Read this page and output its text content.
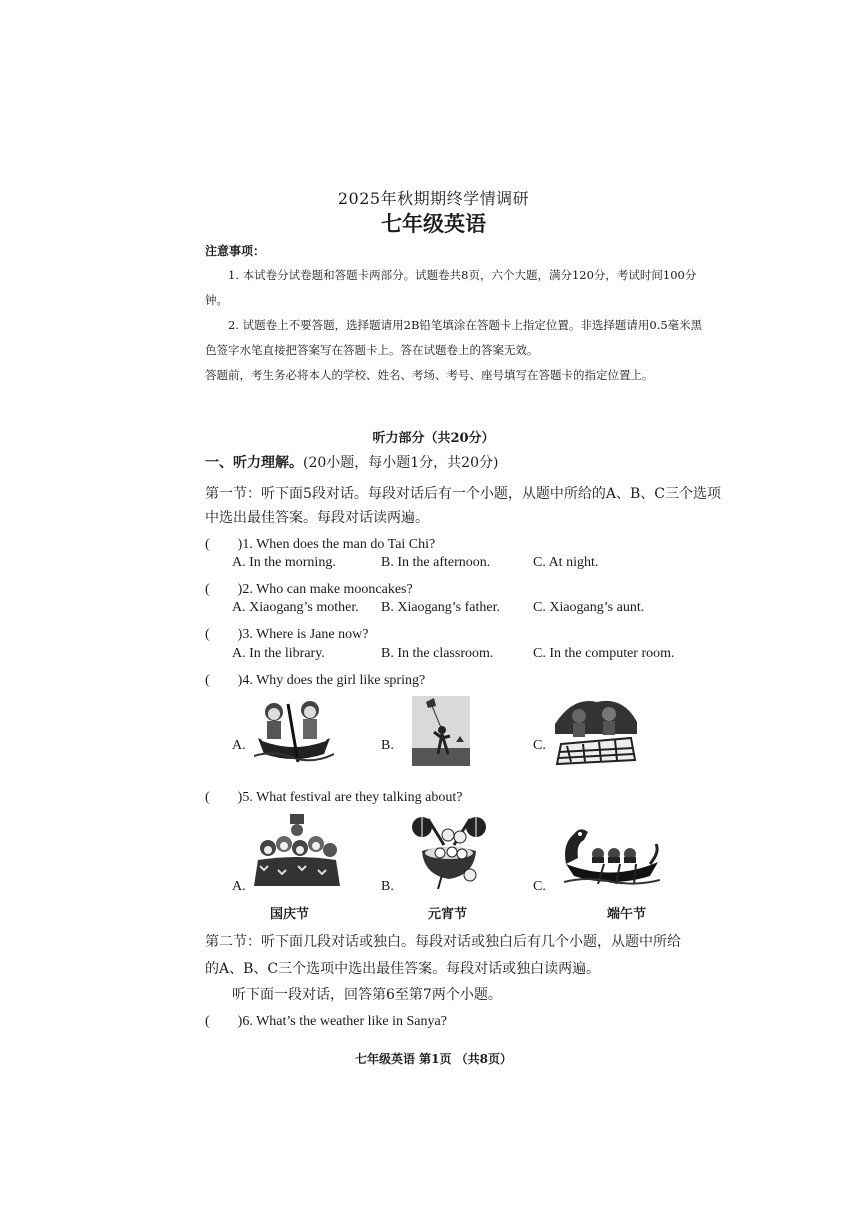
2025年秋期期终学情调研
七年级英语
注意事项：
1. 本试卷分试卷题和答题卡两部分。试题卷共8页，六个大题，满分120分，考试时间100分
钟。
2. 试题卷上不要答题，选择题请用2B铅笔填涂在答题卡上指定位置。非选择题请用0.5毫米黑
色签字水笔直接把答案写在答题卡上。答在试题卷上的答案无效。
答题前，考生务必将本人的学校、姓名、考场、考号、座号填写在答题卡的指定位置上。
听力部分（共20分）
一、听力理解。(20小题，每小题1分，共20分)
第一节：听下面5段对话。每段对话后有一个小题，从题中所给的A、B、C三个选项
中选出最佳答案。每段对话读两遍。
(　　)1. When does the man do Tai Chi?
A. In the morning.	B. In the afternoon.	C. At night.
(　　)2. Who can make mooncakes?
A. Xiaogang’s mother. B. Xiaogang’s father. C. Xiaogang’s aunt.
(　　)3. Where is Jane now?
A. In the library.	B. In the classroom.	C. In the computer room.
(　　)4. Why does the girl like spring?
A.	B.	C.
(　　)5. What festival are they talking about?
A.	B.	C.
国庆节	元宵节	端午节
第二节：听下面几段对话或独白。每段对话或独白后有几个小题，从题中所给
的A、B、C三个选项中选出最佳答案。每段对话或独白读两遍。
听下面一段对话，回答第6至第7两个小题。
(　　)6. What’s the weather like in Sanya?
七年级英语 第1页 （共8页）
